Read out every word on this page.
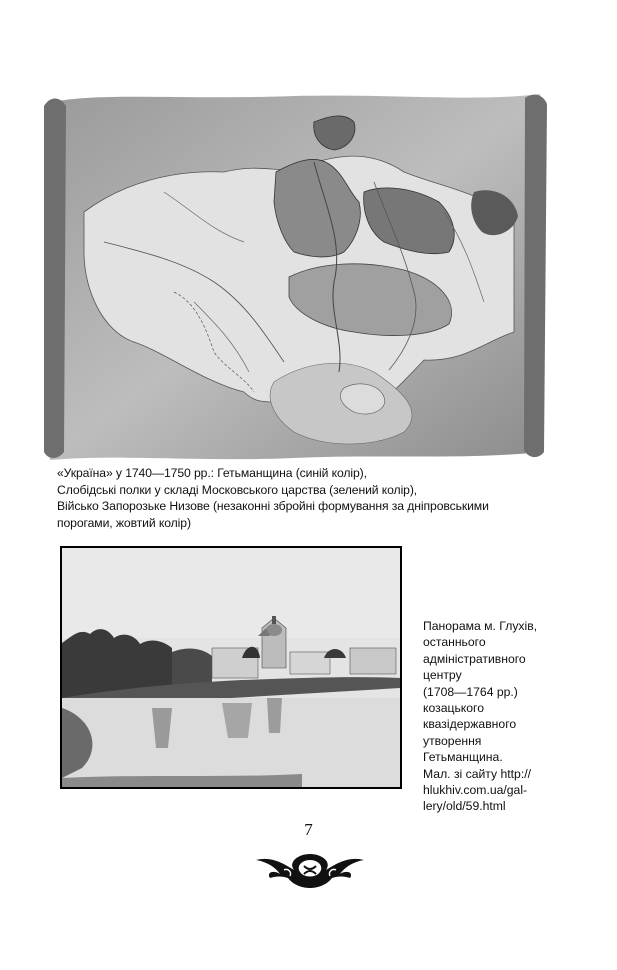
«Україна» у 1740—1750 рр.: Гетьманщина (синій колір),
Слобідські полки у складі Московського царства (зелений колір),
Військо Запорозьке Низове (незаконні збройні формування за дніпровськими
порогами, жовтий колір)
Панорама м. Глухів,
останнього
адміністративного
центру
(1708—1764 рр.)
козацького
квазідержавного
утворення
Гетьманщина.
Мал. зі сайту http://
hlukhiv.com.ua/gal-
lery/old/59.html
7
